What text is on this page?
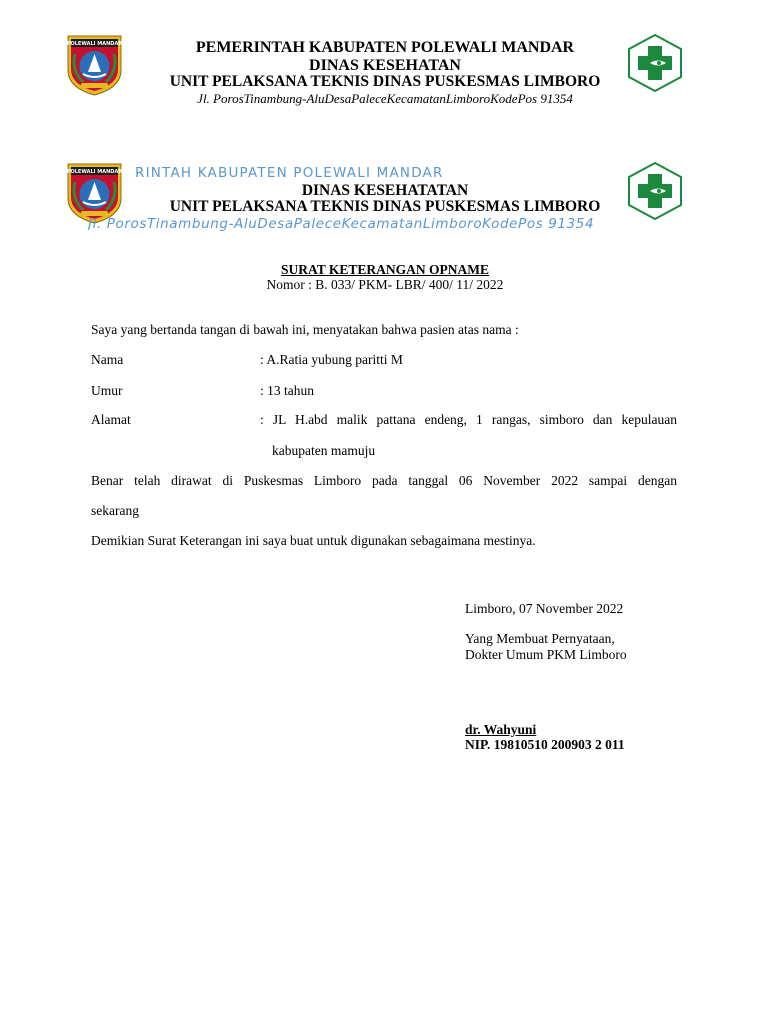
POLEWALI MANDAR	PEMERINTAH KABUPATEN POLEWALI MANDAR
DINAS KESEHATAN
UNIT PELAKSANA TEKNIS DINAS PUSKESMAS LIMBORO
Jl. PorosTinambung-AluDesaPaleceKecamatanLimboroKodePos 91354
POLEWALI MANDAR RINTAH KABUPATEN POLEWALI MANDAR
DINAS KESEHATATAN
UNIT PELAKSANA TEKNIS DINAS PUSKESMAS LIMBORO
Jl. PorosTinambung-AluDesaPaleceKecamatanLimboroKodePos 91354
SURAT KETERANGAN OPNAME
Nomor : B. 033/ PKM- LBR/ 400/ 11/ 2022
Saya yang bertanda tangan di bawah ini, menyatakan bahwa pasien atas nama :
Nama	: A.Ratia yubung paritti M
Umur	: 13 tahun
Alamat	: JL H.abd malik pattana endeng, 1 rangas, simboro dan kepulauan
kabupaten mamuju
Benar telah dirawat di Puskesmas Limboro pada tanggal 06 November 2022 sampai dengan
sekarang
Demikian Surat Keterangan ini saya buat untuk digunakan sebagaimana mestinya.
Limboro, 07 November 2022
Yang Membuat Pernyataan,
Dokter Umum PKM Limboro
dr. Wahyuni
NIP. 19810510 200903 2 011
